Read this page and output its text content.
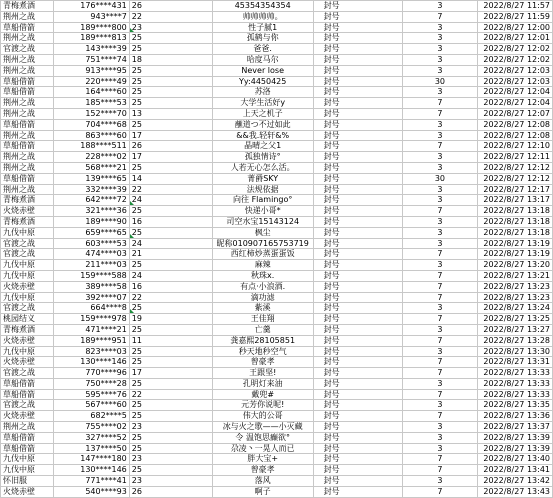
青梅煮酒	176****431	26	45354354354	封号	3	2022/8/27 11:57
荆州之战	943****7	22	帅帅帅帅。	封号	7	2022/8/27 11:59
草船借箭	189****800	23	性子腻1	封号	3	2022/8/27 12:00
荆州之战	189****813	25	孤鹤与你	封号	3	2022/8/27 12:01
官渡之战	143****39	25	爸爸.	封号	3	2022/8/27 12:02
荆州之战	751****74	18	哈度马尔	封号	3	2022/8/27 12:02
荆州之战	913****95	25	Never lose	封号	3	2022/8/27 12:03
草船借箭	220****49	25	Yy:4450425	封号	30	2022/8/27 12:03
草船借箭	164****60	25	苏洛	封号	3	2022/8/27 12:04
荆州之战	185****53	25	大学生活好y	封号	7	2022/8/27 12:04
荆州之战	152****70	13	上天之机子	封号	7	2022/8/27 12:07
草船借箭	704****68	25	蘸道つ不过如此	封号	3	2022/8/27 12:08
荆州之战	863****60	17	&&我.轻轩&%	封号	3	2022/8/27 12:08
草船借箭	188****511	26	晶晴之父1	封号	7	2022/8/27 12:10
荆州之战	228****02	17	孤独情诗°	封号	3	2022/8/27 12:11
荆州之战	568****21	25	人若无心怎么活。	封号	3	2022/8/27 12:12
草船借箭	139****65	14	菁爵SKY	封号	30	2022/8/27 12:12
荆州之战	332****39	22	法规依据	封号	3	2022/8/27 12:17
青梅煮酒	642****72	24	向往 Flamingo°	封号	3	2022/8/27 13:17
火烧赤壁	321****36	25	快递小哥*	封号	7	2022/8/27 13:18
青梅煮酒	189****90	16	司空水宝15143124	封号	3	2022/8/27 13:18
九伐中原	659****65	25	枫尘	封号	3	2022/8/27 13:18
官渡之战	603****53	24	昵称010907165753719	封号	3	2022/8/27 13:19
官渡之战	474****03	21	西红柿炒蒸蛋蛋饭	封号	7	2022/8/27 13:19
九伐中原	211****03	25	麻辣	封号	3	2022/8/27 13:20
九伐中原	159****588	24	秋珠x.	封号	7	2022/8/27 13:21
火烧赤壁	389****58	16	有点·小浪酒.	封号	7	2022/8/27 13:23
九伐中原	392****07	22	滴功滤	封号	7	2022/8/27 13:23
官渡之战	664****8	25	紫溪	封号	3	2022/8/27 13:24
桃园结义	159****978	19	王佳翔	封号	7	2022/8/27 13:25
青梅煮酒	471****21	25	亡羹	封号	3	2022/8/27 13:27
火烧赤壁	189****951	11	龚嘉熙28105851	封号	7	2022/8/27 13:28
九伐中原	823****03	25	秒天地秒空气	封号	3	2022/8/27 13:30
火烧赤壁	130****146	25	曾豪孝	封号	7	2022/8/27 13:31
官渡之战	770****96	17	王跟坚!	封号	7	2022/8/27 13:33
草船借箭	750****28	25	孔明灯来油	封号	3	2022/8/27 13:33
草船借箭	595****76	22	戴兜#	封号	7	2022/8/27 13:33
官渡之战	567****60	25	元芳你说呢!	封号	3	2022/8/27 13:35
火烧赤壁	682****5	25	伟大的公哥	封号	7	2022/8/27 13:36
荆州之战	755****02	23	冰与火之歌——小灭藏	封号	3	2022/8/27 13:37
草船借箭	327****52	25	令 温饱思癫欲°	封号	3	2022/8/27 13:39
草船借箭	137****50	25	尕凌丶一晃人而已	封号	3	2022/8/27 13:39
九伐中原	147****180	23	胖大宝+	封号	7	2022/8/27 13:40
九伐中原	130****146	25	曾豪孝	封号	7	2022/8/27 13:41
怀旧服	771****41	23	落风	封号	3	2022/8/27 13:42
火烧赤壁	540****93	26	啊子	封号	7	2022/8/27 13:43
